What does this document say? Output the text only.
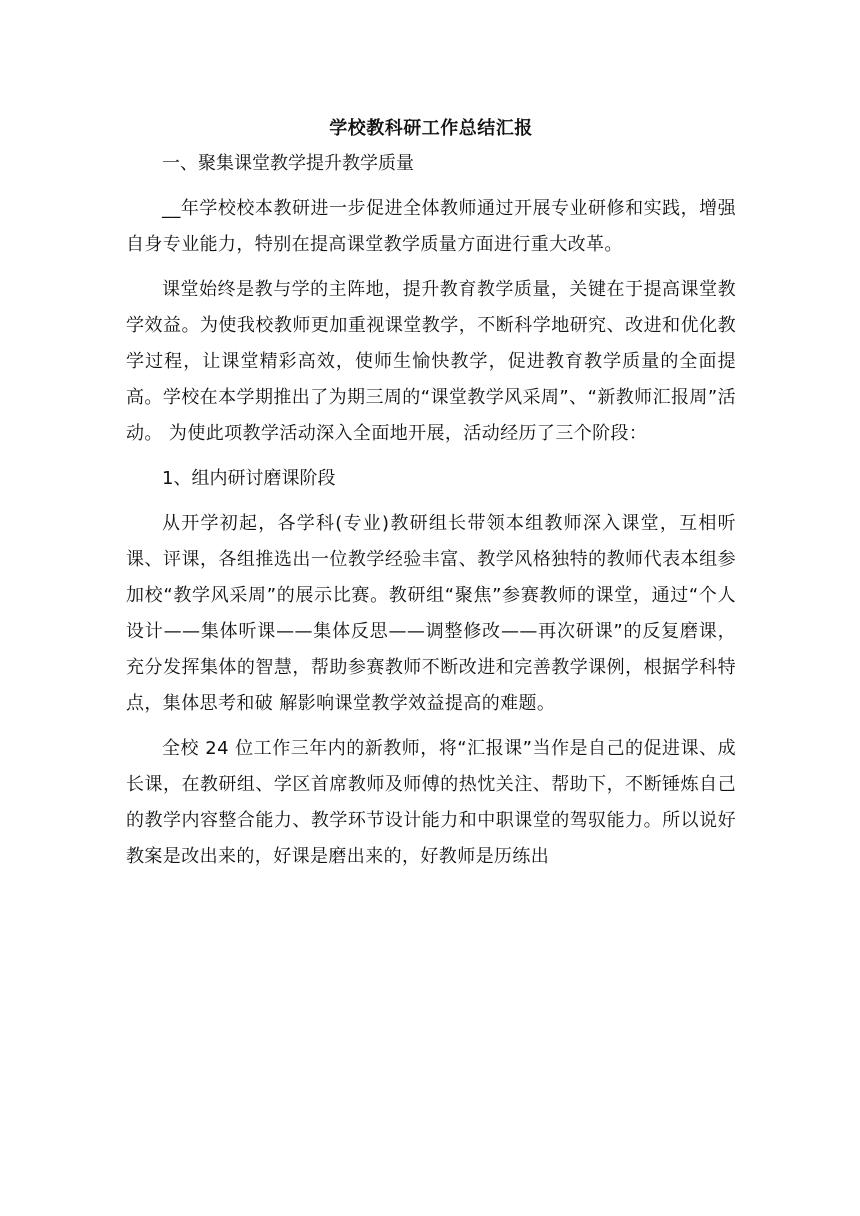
学校教科研工作总结汇报

一、聚集课堂教学提升教学质量

__年学校校本教研进一步促进全体教师通过开展专业研修和实践，增强自身专业能力，特别在提高课堂教学质量方面进行重大改革。

课堂始终是教与学的主阵地，提升教育教学质量，关键在于提高课堂教学效益。为使我校教师更加重视课堂教学，不断科学地研究、改进和优化教学过程，让课堂精彩高效，使师生愉快教学，促进教育教学质量的全面提高。学校在本学期推出了为期三周的“课堂教学风采周”、“新教师汇报周”活动。 为使此项教学活动深入全面地开展，活动经历了三个阶段：

1、组内研讨磨课阶段

从开学初起，各学科(专业)教研组长带领本组教师深入课堂，互相听课、评课，各组推选出一位教学经验丰富、教学风格独特的教师代表本组参加校“教学风采周”的展示比赛。教研组“聚焦”参赛教师的课堂，通过“个人设计——集体听课——集体反思——调整修改——再次研课”的反复磨课，充分发挥集体的智慧，帮助参赛教师不断改进和完善教学课例，根据学科特点，集体思考和破 解影响课堂教学效益提高的难题。

全校 24 位工作三年内的新教师，将“汇报课”当作是自己的促进课、成长课，在教研组、学区首席教师及师傅的热忱关注、帮助下，不断锤炼自己的教学内容整合能力、教学环节设计能力和中职课堂的驾驭能力。所以说好教案是改出来的，好课是磨出来的，好教师是历练出
